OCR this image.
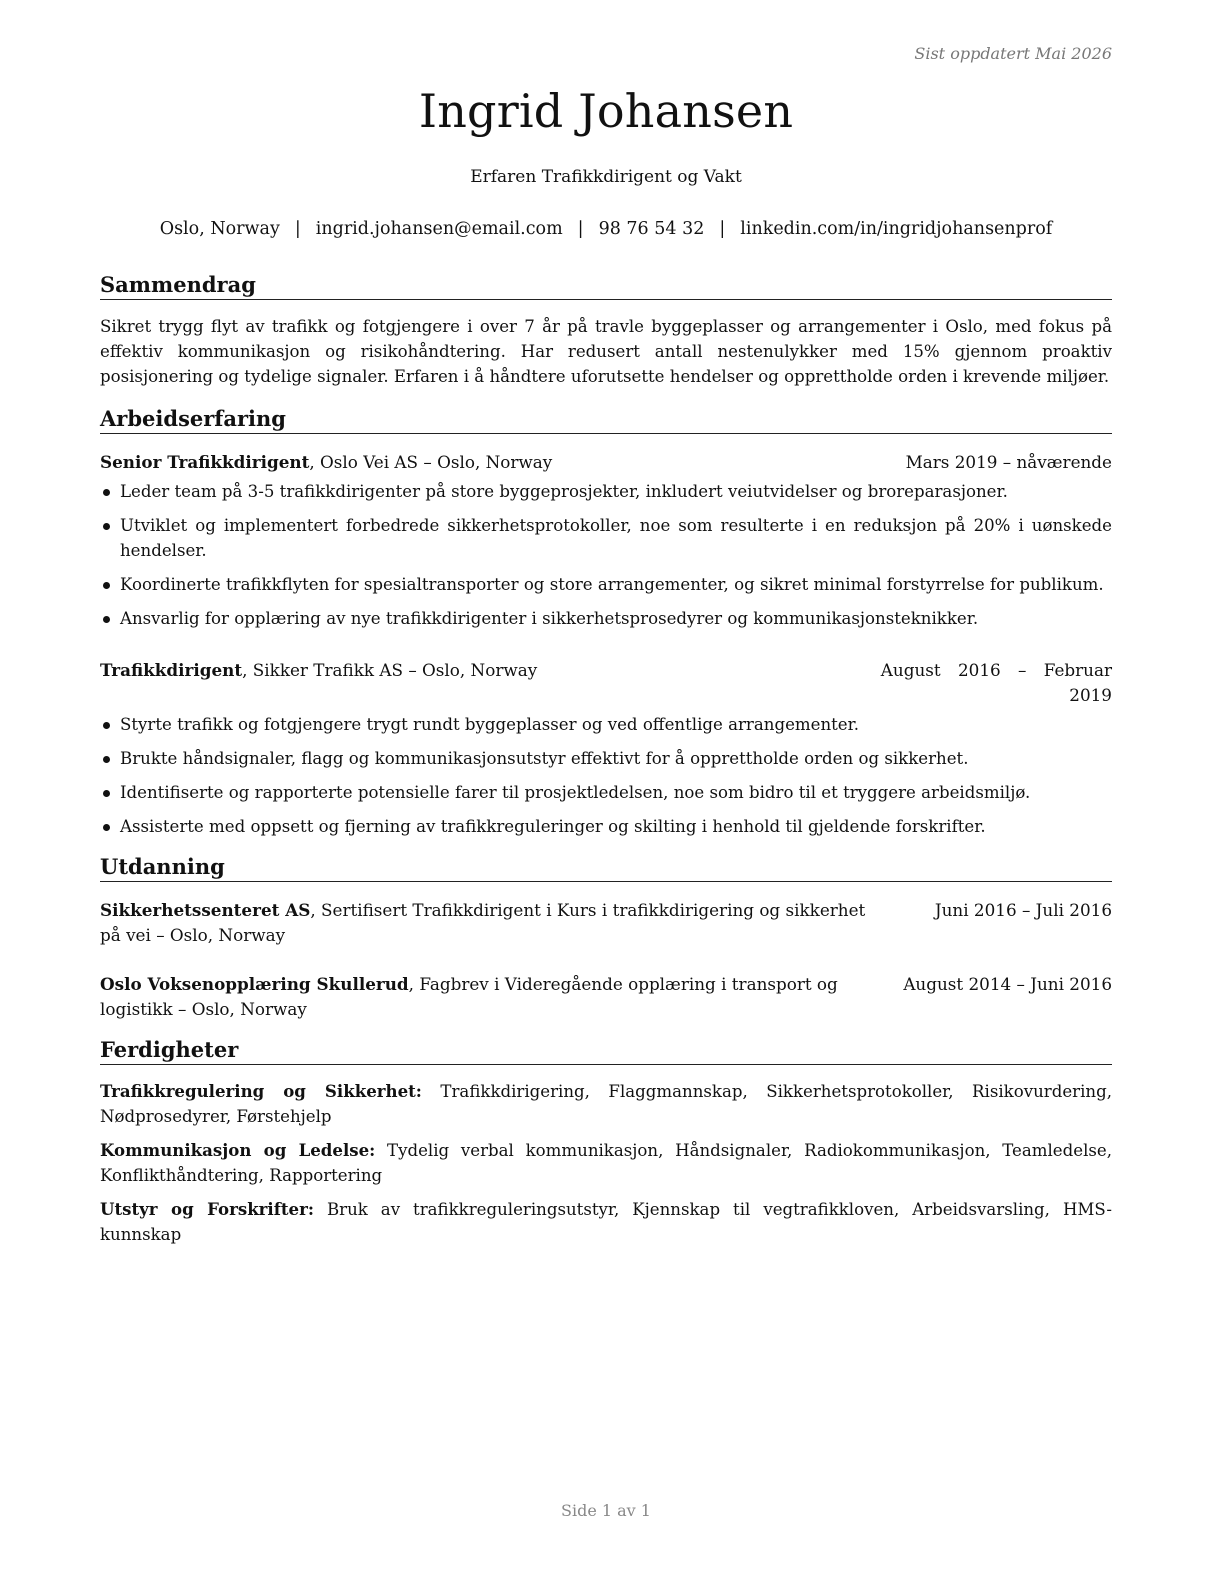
Sist oppdatert Mai 2026
Ingrid Johansen
Erfaren Trafikkdirigent og Vakt
Oslo, Norway | ingrid.johansen@email.com | 98 76 54 32 | linkedin.com/in/ingridjohansenprof
Sammendrag
Sikret trygg flyt av trafikk og fotgjengere i over 7 år på travle byggeplasser og arrangementer i Oslo, med fokus på effektiv kommunikasjon og risikohåndtering. Har redusert antall nestenulykker med 15% gjennom proaktiv posisjonering og tydelige signaler. Erfaren i å håndtere uforutsette hendelser og opprettholde orden i krevende miljøer.
Arbeidserfaring
Senior Trafikkdirigent, Oslo Vei AS – Oslo, Norway	Mars 2019 – nåværende
Leder team på 3-5 trafikkdirigenter på store byggeprosjekter, inkludert veiutvidelser og broreparasjoner.
Utviklet og implementert forbedrede sikkerhetsprotokoller, noe som resulterte i en reduksjon på 20% i uønskede hendelser.
Koordinerte trafikkflyten for spesialtransporter og store arrangementer, og sikret minimal forstyrrelse for publikum.
Ansvarlig for opplæring av nye trafikkdirigenter i sikkerhetsprosedyrer og kommunikasjonsteknikker.
Trafikkdirigent, Sikker Trafikk AS – Oslo, Norway	August 2016 – Februar 2019
Styrte trafikk og fotgjengere trygt rundt byggeplasser og ved offentlige arrangementer.
Brukte håndsignaler, flagg og kommunikasjonsutstyr effektivt for å opprettholde orden og sikkerhet.
Identifiserte og rapporterte potensielle farer til prosjektledelsen, noe som bidro til et tryggere arbeidsmiljø.
Assisterte med oppsett og fjerning av trafikkreguleringer og skilting i henhold til gjeldende forskrifter.
Utdanning
Sikkerhetssenteret AS, Sertifisert Trafikkdirigent i Kurs i trafikkdirigering og sikkerhet på vei – Oslo, Norway
Juni 2016 – Juli 2016
Oslo Voksenopplæring Skullerud, Fagbrev i Videregående opplæring i transport og logistikk – Oslo, Norway
August 2014 – Juni 2016
Ferdigheter
Trafikkregulering og Sikkerhet: Trafikkdirigering, Flaggmannskap, Sikkerhetsprotokoller, Risikovurdering, Nødprosedyrer, Førstehjelp
Kommunikasjon og Ledelse: Tydelig verbal kommunikasjon, Håndsignaler, Radiokommunikasjon, Teamledelse, Konflikthåndtering, Rapportering
Utstyr og Forskrifter: Bruk av trafikkreguleringsutstyr, Kjennskap til vegtrafikkloven, Arbeidsvarsling, HMS-kunnskap
Side 1 av 1
